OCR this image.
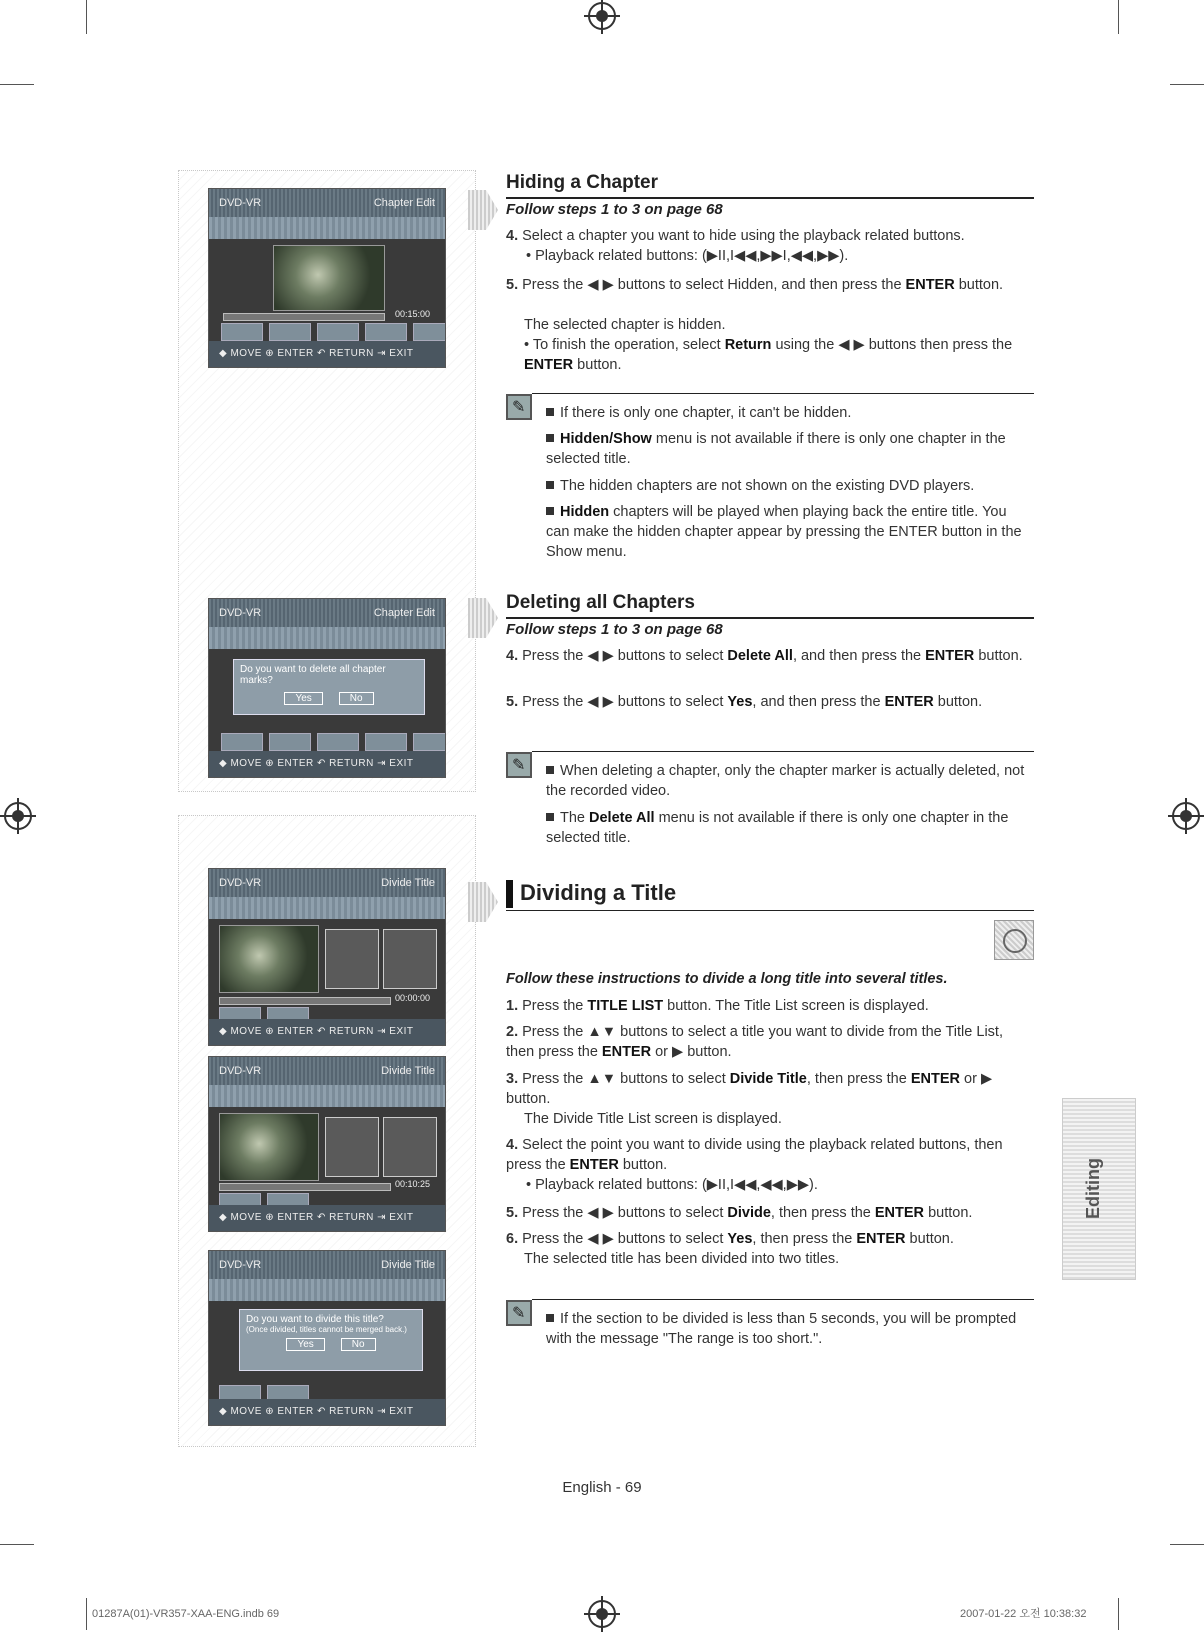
DVD-VR	Chapter Edit
00:15:00
◆ MOVE ⊕ ENTER ↶ RETURN ⇥ EXIT
DVD-VR	Chapter Edit
Do you want to delete all chapter marks?
Yes	No
◆ MOVE ⊕ ENTER ↶ RETURN ⇥ EXIT
DVD-VR	Divide Title
00:00:00
◆ MOVE ⊕ ENTER ↶ RETURN ⇥ EXIT
DVD-VR	Divide Title
00:10:25
◆ MOVE ⊕ ENTER ↶ RETURN ⇥ EXIT
DVD-VR	Divide Title
Do you want to divide this title?
(Once divided, titles cannot be merged back.)
Yes	No
◆ MOVE ⊕ ENTER ↶ RETURN ⇥ EXIT
Hiding a Chapter

Follow steps 1 to 3 on page 68

4. Select a chapter you want to hide using the playback related buttons.

• Playback related buttons: (▶II,I◀◀,▶▶I,◀◀,▶▶).

5. Press the ◀ ▶ buttons to select Hidden, and then press the ENTER button.

The selected chapter is hidden.

• To finish the operation, select Return using the ◀ ▶ buttons then press the ENTER button.

✎

If there is only one chapter, it can't be hidden.

Hidden/Show menu is not available if there is only one chapter in the selected title.

The hidden chapters are not shown on the existing DVD players.

Hidden chapters will be played when playing back the entire title. You can make the hidden chapter appear by pressing the ENTER button in the Show menu.

Deleting all Chapters

Follow steps 1 to 3 on page 68

4. Press the ◀ ▶ buttons to select Delete All, and then press the ENTER button.

5. Press the ◀ ▶ buttons to select Yes, and then press the ENTER button.

✎

When deleting a chapter, only the chapter marker is actually deleted, not the recorded video.

The Delete All menu is not available if there is only one chapter in the selected title.

Dividing a Title

Follow these instructions to divide a long title into several titles.

1. Press the TITLE LIST button. The Title List screen is displayed.

2. Press the ▲▼ buttons to select a title you want to divide from the Title List, then press the ENTER or ▶ button.

3. Press the ▲▼ buttons to select Divide Title, then press the ENTER or ▶ button.

The Divide Title List screen is displayed.

4. Select the point you want to divide using the playback related buttons, then press the ENTER button.

• Playback related buttons: (▶II,I◀◀,◀◀,▶▶).

5. Press the ◀ ▶ buttons to select Divide, then press the ENTER button.

6. Press the ◀ ▶ buttons to select Yes, then press the ENTER button.

The selected title has been divided into two titles.

✎

If the section to be divided is less than 5 seconds, you will be prompted with the message "The range is too short.".

Editing

English - 69

01287A(01)-VR357-XAA-ENG.indb 69	2007-01-22 오전 10:38:32
